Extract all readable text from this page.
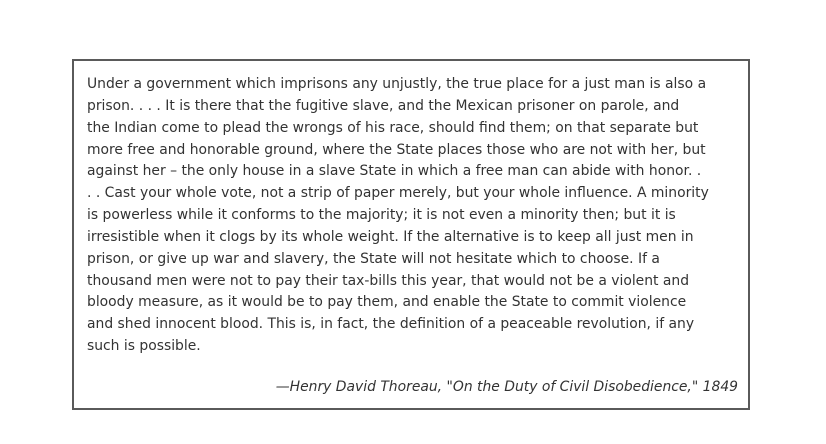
Under a government which imprisons any unjustly, the true place for a just man is also a
prison. . . . It is there that the fugitive slave, and the Mexican prisoner on parole, and
the Indian come to plead the wrongs of his race, should find them; on that separate but
more free and honorable ground, where the State places those who are not with her, but
against her – the only house in a slave State in which a free man can abide with honor. .
. . Cast your whole vote, not a strip of paper merely, but your whole influence. A minority
is powerless while it conforms to the majority; it is not even a minority then; but it is
irresistible when it clogs by its whole weight. If the alternative is to keep all just men in
prison, or give up war and slavery, the State will not hesitate which to choose. If a
thousand men were not to pay their tax-bills this year, that would not be a violent and
bloody measure, as it would be to pay them, and enable the State to commit violence
and shed innocent blood. This is, in fact, the definition of a peaceable revolution, if any
such is possible.

—Henry David Thoreau, "On the Duty of Civil Disobedience," 1849
